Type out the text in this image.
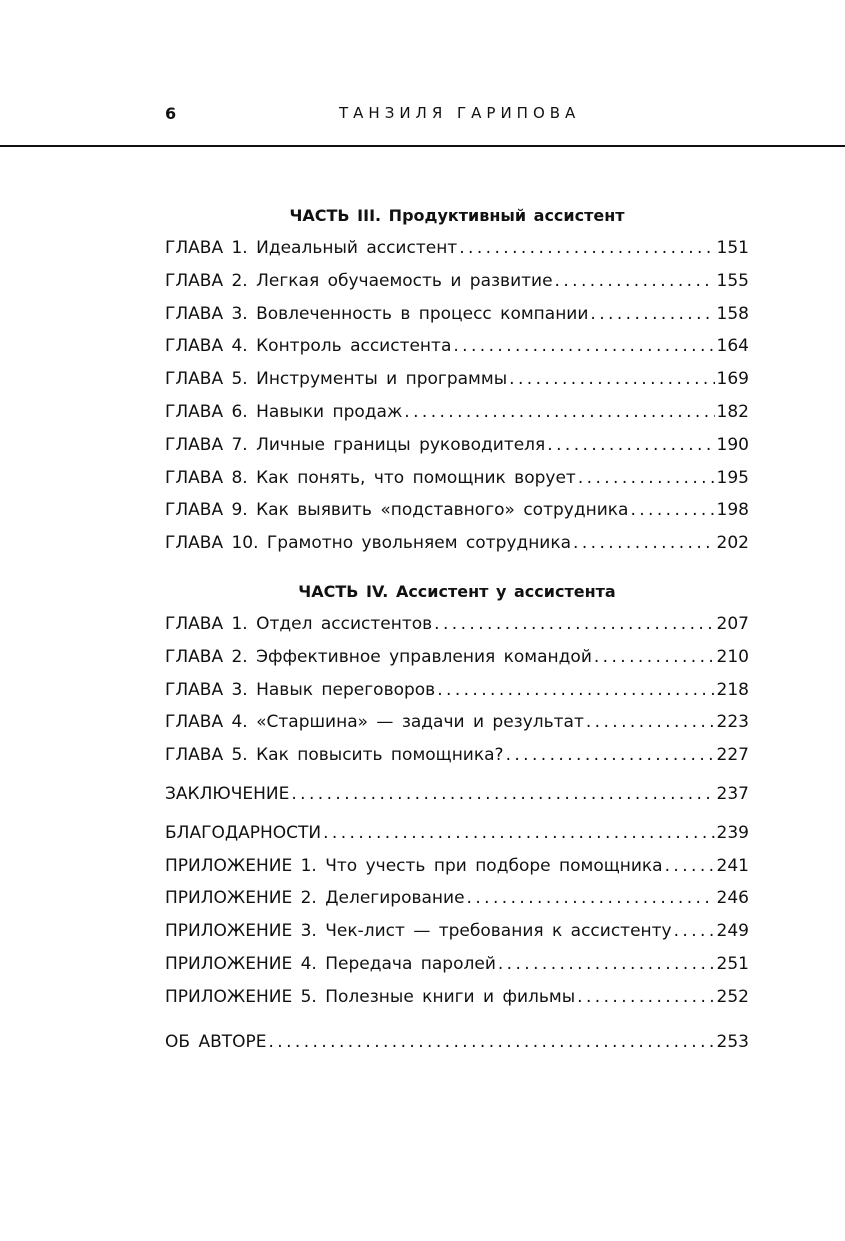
6	ТАНЗИЛЯ ГАРИПОВА
ЧАСТЬ III. Продуктивный ассистент
ГЛАВА 1. Идеальный ассистент . . .	151
ГЛАВА 2. Легкая обучаемость и развитие . . .	155
ГЛАВА 3. Вовлеченность в процесс компании . . .	158
ГЛАВА 4. Контроль ассистента . . .	164
ГЛАВА 5. Инструменты и программы . . .	169
ГЛАВА 6. Навыки продаж . . .	182
ГЛАВА 7. Личные границы руководителя . . .	190
ГЛАВА 8. Как понять, что помощник ворует . . .	195
ГЛАВА 9. Как выявить «подставного» сотрудника . . .	198
ГЛАВА 10. Грамотно увольняем сотрудника . . .	202
ЧАСТЬ IV. Ассистент у ассистента
ГЛАВА 1. Отдел ассистентов . . .	207
ГЛАВА 2. Эффективное управления командой . . .	210
ГЛАВА 3. Навык переговоров . . .	218
ГЛАВА 4. «Старшина» — задачи и результат . . .	223
ГЛАВА 5. Как повысить помощника? . . .	227
ЗАКЛЮЧЕНИЕ . . .	237
БЛАГОДАРНОСТИ . . .	239
ПРИЛОЖЕНИЕ 1. Что учесть при подборе помощника . . .	241
ПРИЛОЖЕНИЕ 2. Делегирование . . .	246
ПРИЛОЖЕНИЕ 3. Чек-лист — требования к ассистенту . . .	249
ПРИЛОЖЕНИЕ 4. Передача паролей . . .	251
ПРИЛОЖЕНИЕ 5. Полезные книги и фильмы . . .	252
ОБ АВТОРЕ . . .	253
